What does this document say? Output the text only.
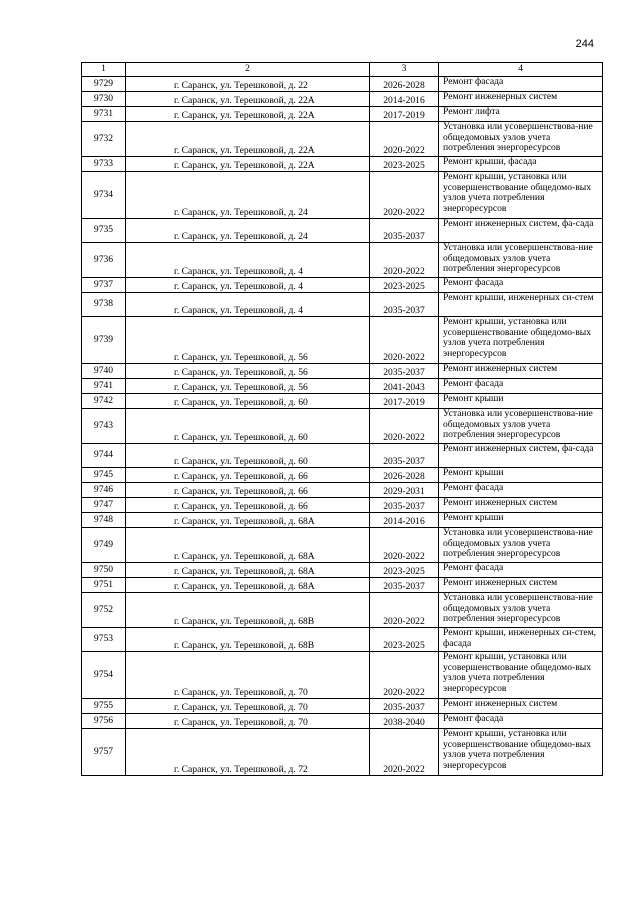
244
1	2	3	4
9729	г. Саранск, ул. Терешковой, д. 22	2026-2028	Ремонт фасада
9730	г. Саранск, ул. Терешковой, д. 22А	2014-2016	Ремонт инженерных систем
9731	г. Саранск, ул. Терешковой, д. 22А	2017-2019	Ремонт лифта
9732	г. Саранск, ул. Терешковой, д. 22А	2020-2022	Установка или усовершенствова-ние общедомовых узлов учета потребления энергоресурсов
9733	г. Саранск, ул. Терешковой, д. 22А	2023-2025	Ремонт крыши, фасада
9734	г. Саранск, ул. Терешковой, д. 24	2020-2022	Ремонт крыши, установка или усовершенствование общедомо-вых узлов учета потребления энергоресурсов
9735	г. Саранск, ул. Терешковой, д. 24	2035-2037	Ремонт инженерных систем, фа-сада
9736	г. Саранск, ул. Терешковой, д. 4	2020-2022	Установка или усовершенствова-ние общедомовых узлов учета потребления энергоресурсов
9737	г. Саранск, ул. Терешковой, д. 4	2023-2025	Ремонт фасада
9738	г. Саранск, ул. Терешковой, д. 4	2035-2037	Ремонт крыши, инженерных си-стем
9739	г. Саранск, ул. Терешковой, д. 56	2020-2022	Ремонт крыши, установка или усовершенствование общедомо-вых узлов учета потребления энергоресурсов
9740	г. Саранск, ул. Терешковой, д. 56	2035-2037	Ремонт инженерных систем
9741	г. Саранск, ул. Терешковой, д. 56	2041-2043	Ремонт фасада
9742	г. Саранск, ул. Терешковой, д. 60	2017-2019	Ремонт крыши
9743	г. Саранск, ул. Терешковой, д. 60	2020-2022	Установка или усовершенствова-ние общедомовых узлов учета потребления энергоресурсов
9744	г. Саранск, ул. Терешковой, д. 60	2035-2037	Ремонт инженерных систем, фа-сада
9745	г. Саранск, ул. Терешковой, д. 66	2026-2028	Ремонт крыши
9746	г. Саранск, ул. Терешковой, д. 66	2029-2031	Ремонт фасада
9747	г. Саранск, ул. Терешковой, д. 66	2035-2037	Ремонт инженерных систем
9748	г. Саранск, ул. Терешковой, д. 68А	2014-2016	Ремонт крыши
9749	г. Саранск, ул. Терешковой, д. 68А	2020-2022	Установка или усовершенствова-ние общедомовых узлов учета потребления энергоресурсов
9750	г. Саранск, ул. Терешковой, д. 68А	2023-2025	Ремонт фасада
9751	г. Саранск, ул. Терешковой, д. 68А	2035-2037	Ремонт инженерных систем
9752	г. Саранск, ул. Терешковой, д. 68В	2020-2022	Установка или усовершенствова-ние общедомовых узлов учета потребления энергоресурсов
9753	г. Саранск, ул. Терешковой, д. 68В	2023-2025	Ремонт крыши, инженерных си-стем, фасада
9754	г. Саранск, ул. Терешковой, д. 70	2020-2022	Ремонт крыши, установка или усовершенствование общедомо-вых узлов учета потребления энергоресурсов
9755	г. Саранск, ул. Терешковой, д. 70	2035-2037	Ремонт инженерных систем
9756	г. Саранск, ул. Терешковой, д. 70	2038-2040	Ремонт фасада
9757	г. Саранск, ул. Терешковой, д. 72	2020-2022	Ремонт крыши, установка или усовершенствование общедомо-вых узлов учета потребления энергоресурсов
